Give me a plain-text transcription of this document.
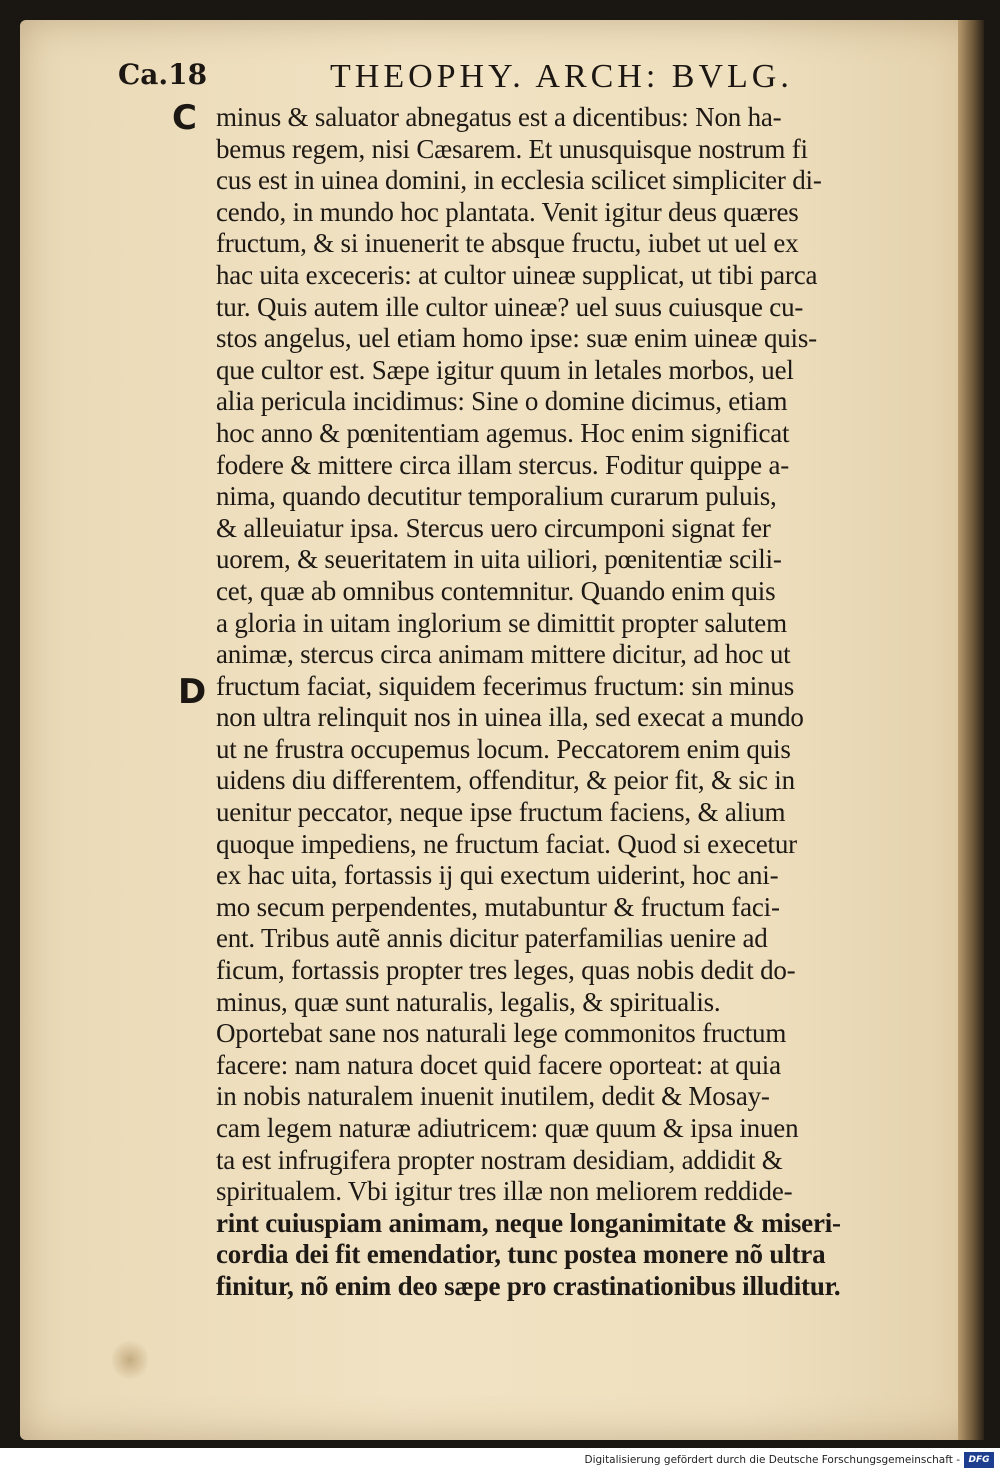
Ca.18	THEOPHY. ARCH: BVLG.
C
D
minus & saluator abnegatus est a dicentibus: Non ha-
bemus regem, nisi Cæsarem. Et unusquisque nostrum fi
cus est in uinea domini, in ecclesia scilicet simpliciter di-
cendo, in mundo hoc plantata. Venit igitur deus quæres
fructum, & si inuenerit te absque fructu, iubet ut uel ex
hac uita exceceris: at cultor uineæ supplicat, ut tibi parca
tur. Quis autem ille cultor uineæ? uel suus cuiusque cu-
stos angelus, uel etiam homo ipse: suæ enim uineæ quis-
que cultor est. Sæpe igitur quum in letales morbos, uel
alia pericula incidimus: Sine o domine dicimus, etiam
hoc anno & pœnitentiam agemus. Hoc enim significat
fodere & mittere circa illam stercus. Foditur quippe a-
nima, quando decutitur temporalium curarum puluis,
& alleuiatur ipsa. Stercus uero circumponi signat fer
uorem, & seueritatem in uita uiliori, pœnitentiæ scili-
cet, quæ ab omnibus contemnitur. Quando enim quis
a gloria in uitam inglorium se dimittit propter salutem
animæ, stercus circa animam mittere dicitur, ad hoc ut
fructum faciat, siquidem fecerimus fructum: sin minus
non ultra relinquit nos in uinea illa, sed execat a mundo
ut ne frustra occupemus locum. Peccatorem enim quis
uidens diu differentem, offenditur, & peior fit, & sic in
uenitur peccator, neque ipse fructum faciens, & alium
quoque impediens, ne fructum faciat. Quod si execetur
ex hac uita, fortassis ij qui exectum uiderint, hoc ani-
mo secum perpendentes, mutabuntur & fructum faci-
ent. Tribus autẽ annis dicitur paterfamilias uenire ad
ficum, fortassis propter tres leges, quas nobis dedit do-
minus, quæ sunt naturalis, legalis, & spiritualis.
Oportebat sane nos naturali lege commonitos fructum
facere: nam natura docet quid facere oporteat: at quia
in nobis naturalem inuenit inutilem, dedit & Mosay-
cam legem naturæ adiutricem: quæ quum & ipsa inuen
ta est infrugifera propter nostram desidiam, addidit &
spiritualem. Vbi igitur tres illæ non meliorem reddide-
rint cuiuspiam animam, neque longanimitate & miseri-
cordia dei fit emendatior, tunc postea monere nõ ultra
finitur, nõ enim deo sæpe pro crastinationibus illuditur.
Digitalisierung gefördert durch die Deutsche Forschungsgemeinschaft - DFG
